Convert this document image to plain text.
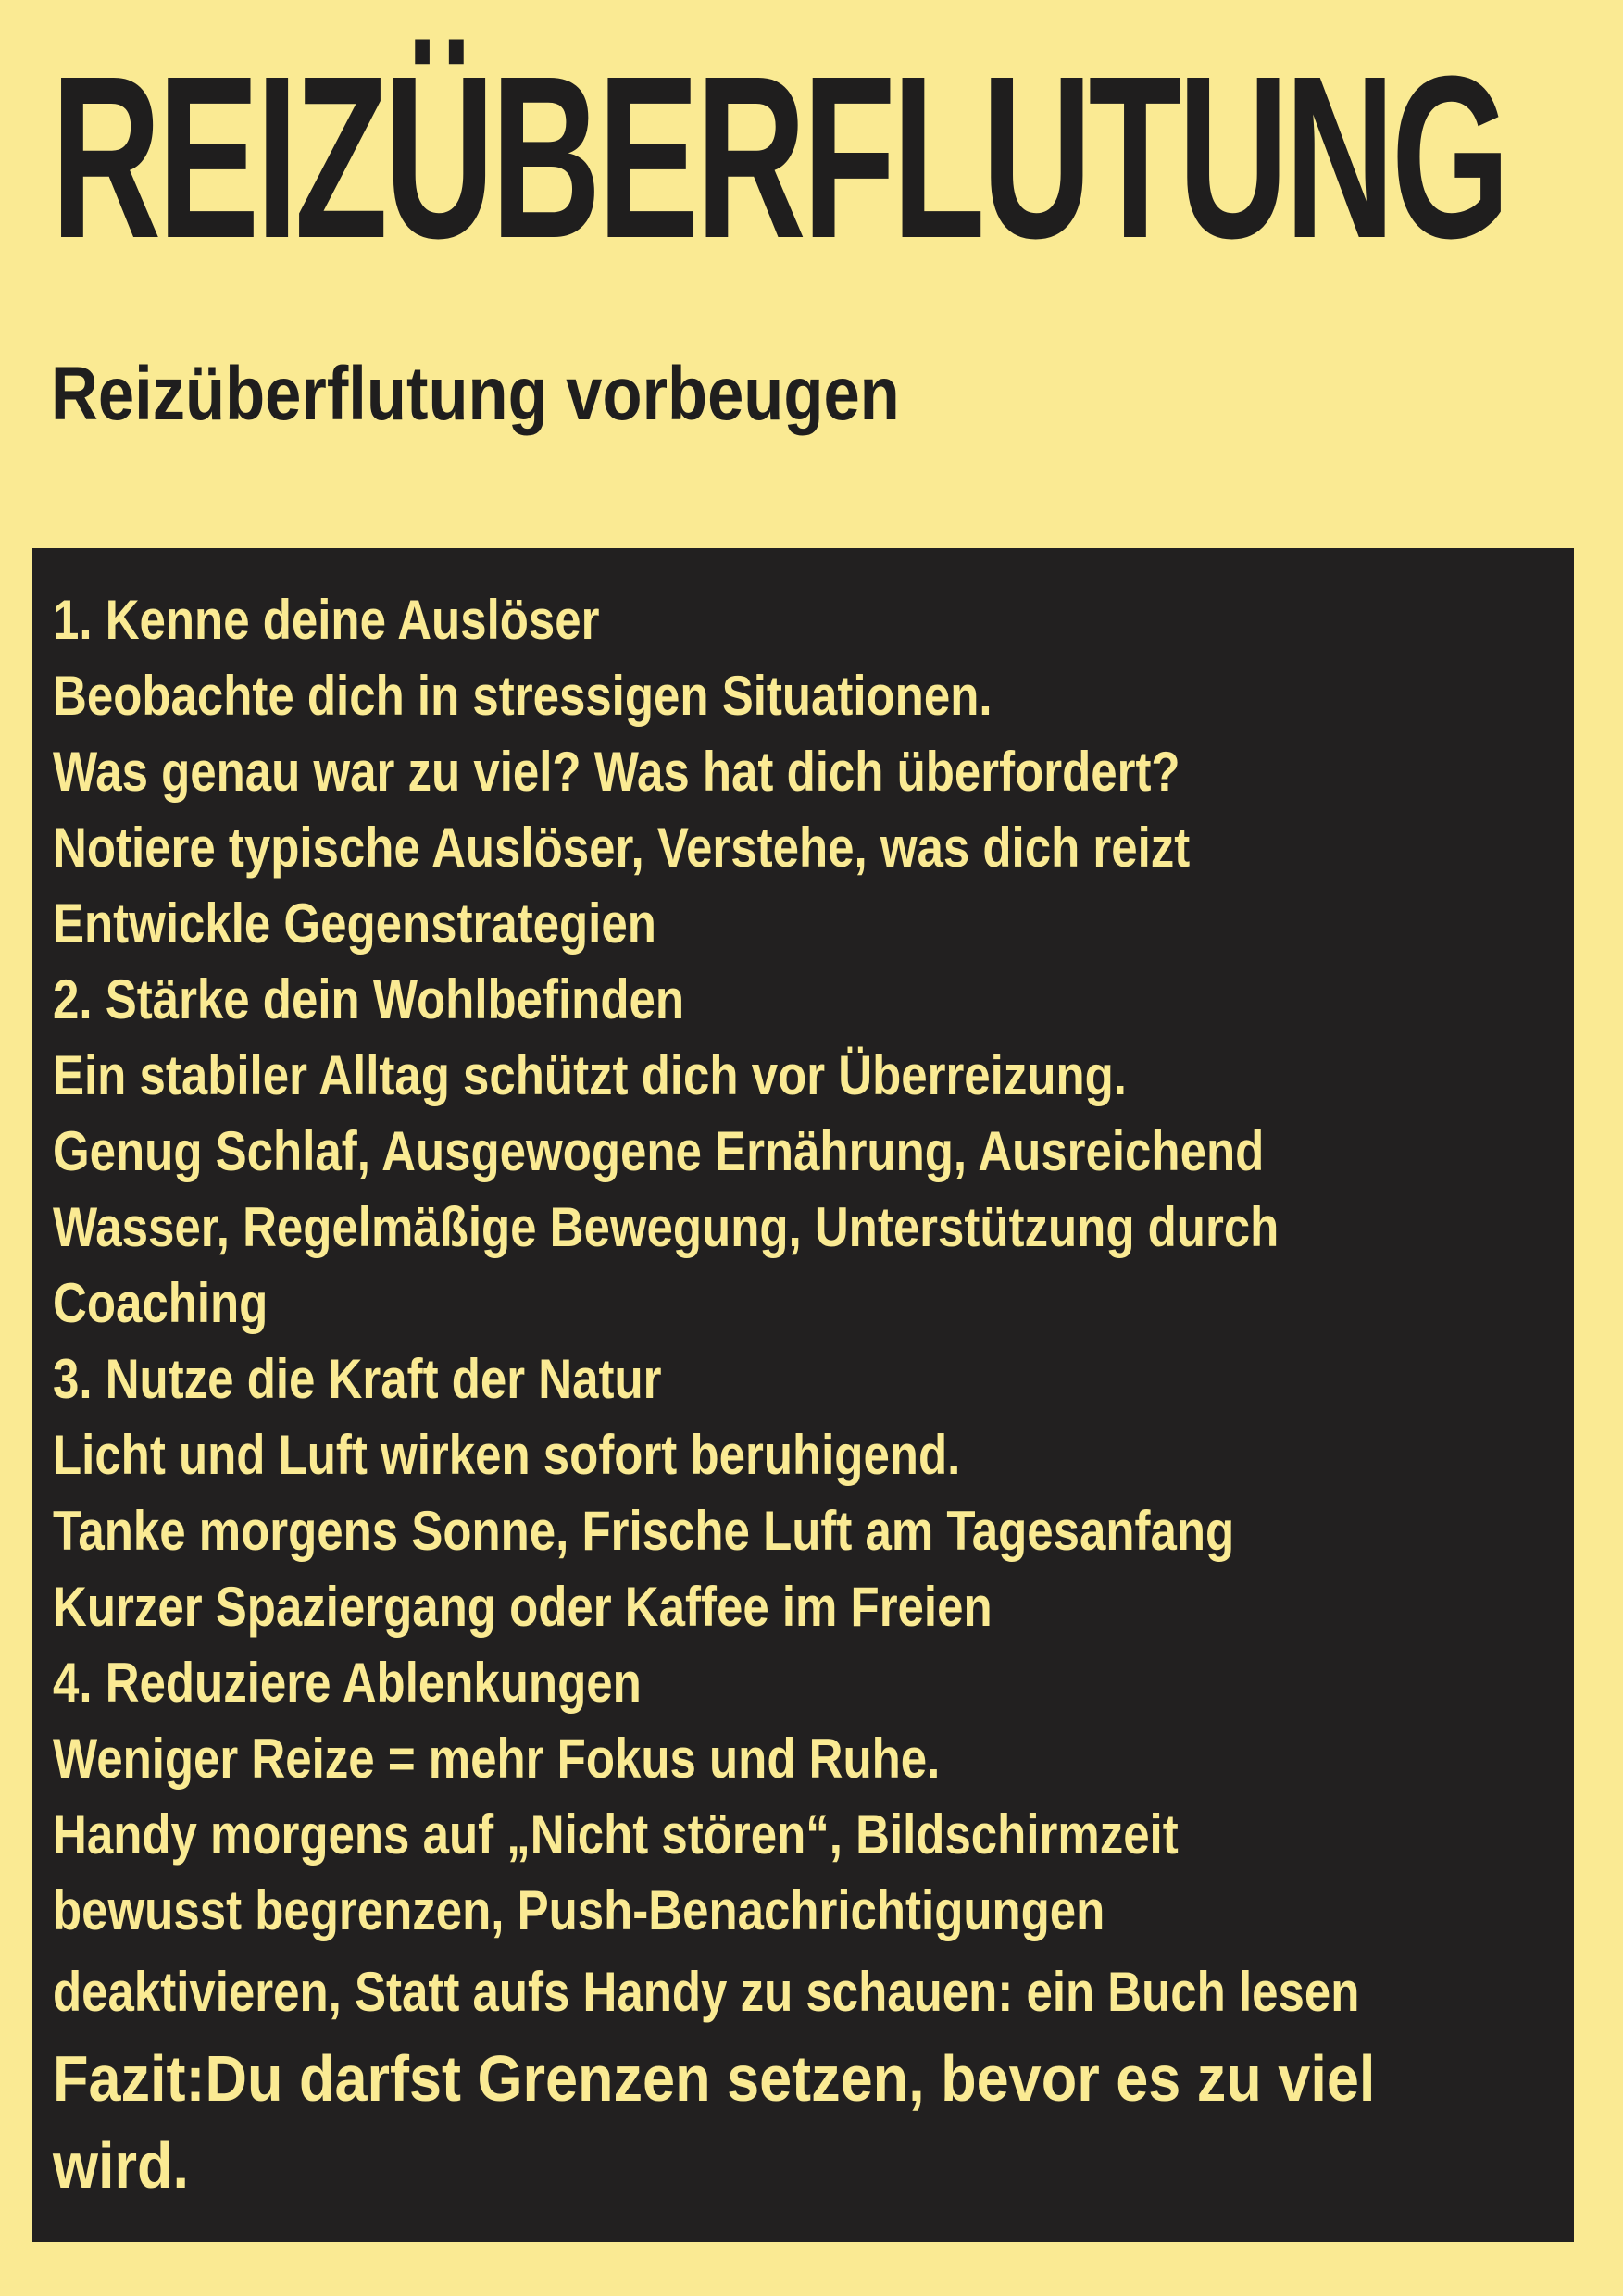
REIZÜBERFLUTUNG
Reizüberflutung vorbeugen
1. Kenne deine Auslöser
Beobachte dich in stressigen Situationen.
Was genau war zu viel? Was hat dich überfordert?
Notiere typische Auslöser, Verstehe, was dich reizt
Entwickle Gegenstrategien
2. Stärke dein Wohlbefinden
Ein stabiler Alltag schützt dich vor Überreizung.
Genug Schlaf, Ausgewogene Ernährung, Ausreichend
Wasser, Regelmäßige Bewegung, Unterstützung durch
Coaching
3. Nutze die Kraft der Natur
Licht und Luft wirken sofort beruhigend.
Tanke morgens Sonne, Frische Luft am Tagesanfang
Kurzer Spaziergang oder Kaffee im Freien
4. Reduziere Ablenkungen
Weniger Reize = mehr Fokus und Ruhe.
Handy morgens auf „Nicht stören“, Bildschirmzeit
bewusst begrenzen, Push-Benachrichtigungen
deaktivieren, Statt aufs Handy zu schauen: ein Buch lesen
Fazit:Du darfst Grenzen setzen, bevor es zu viel
wird.
